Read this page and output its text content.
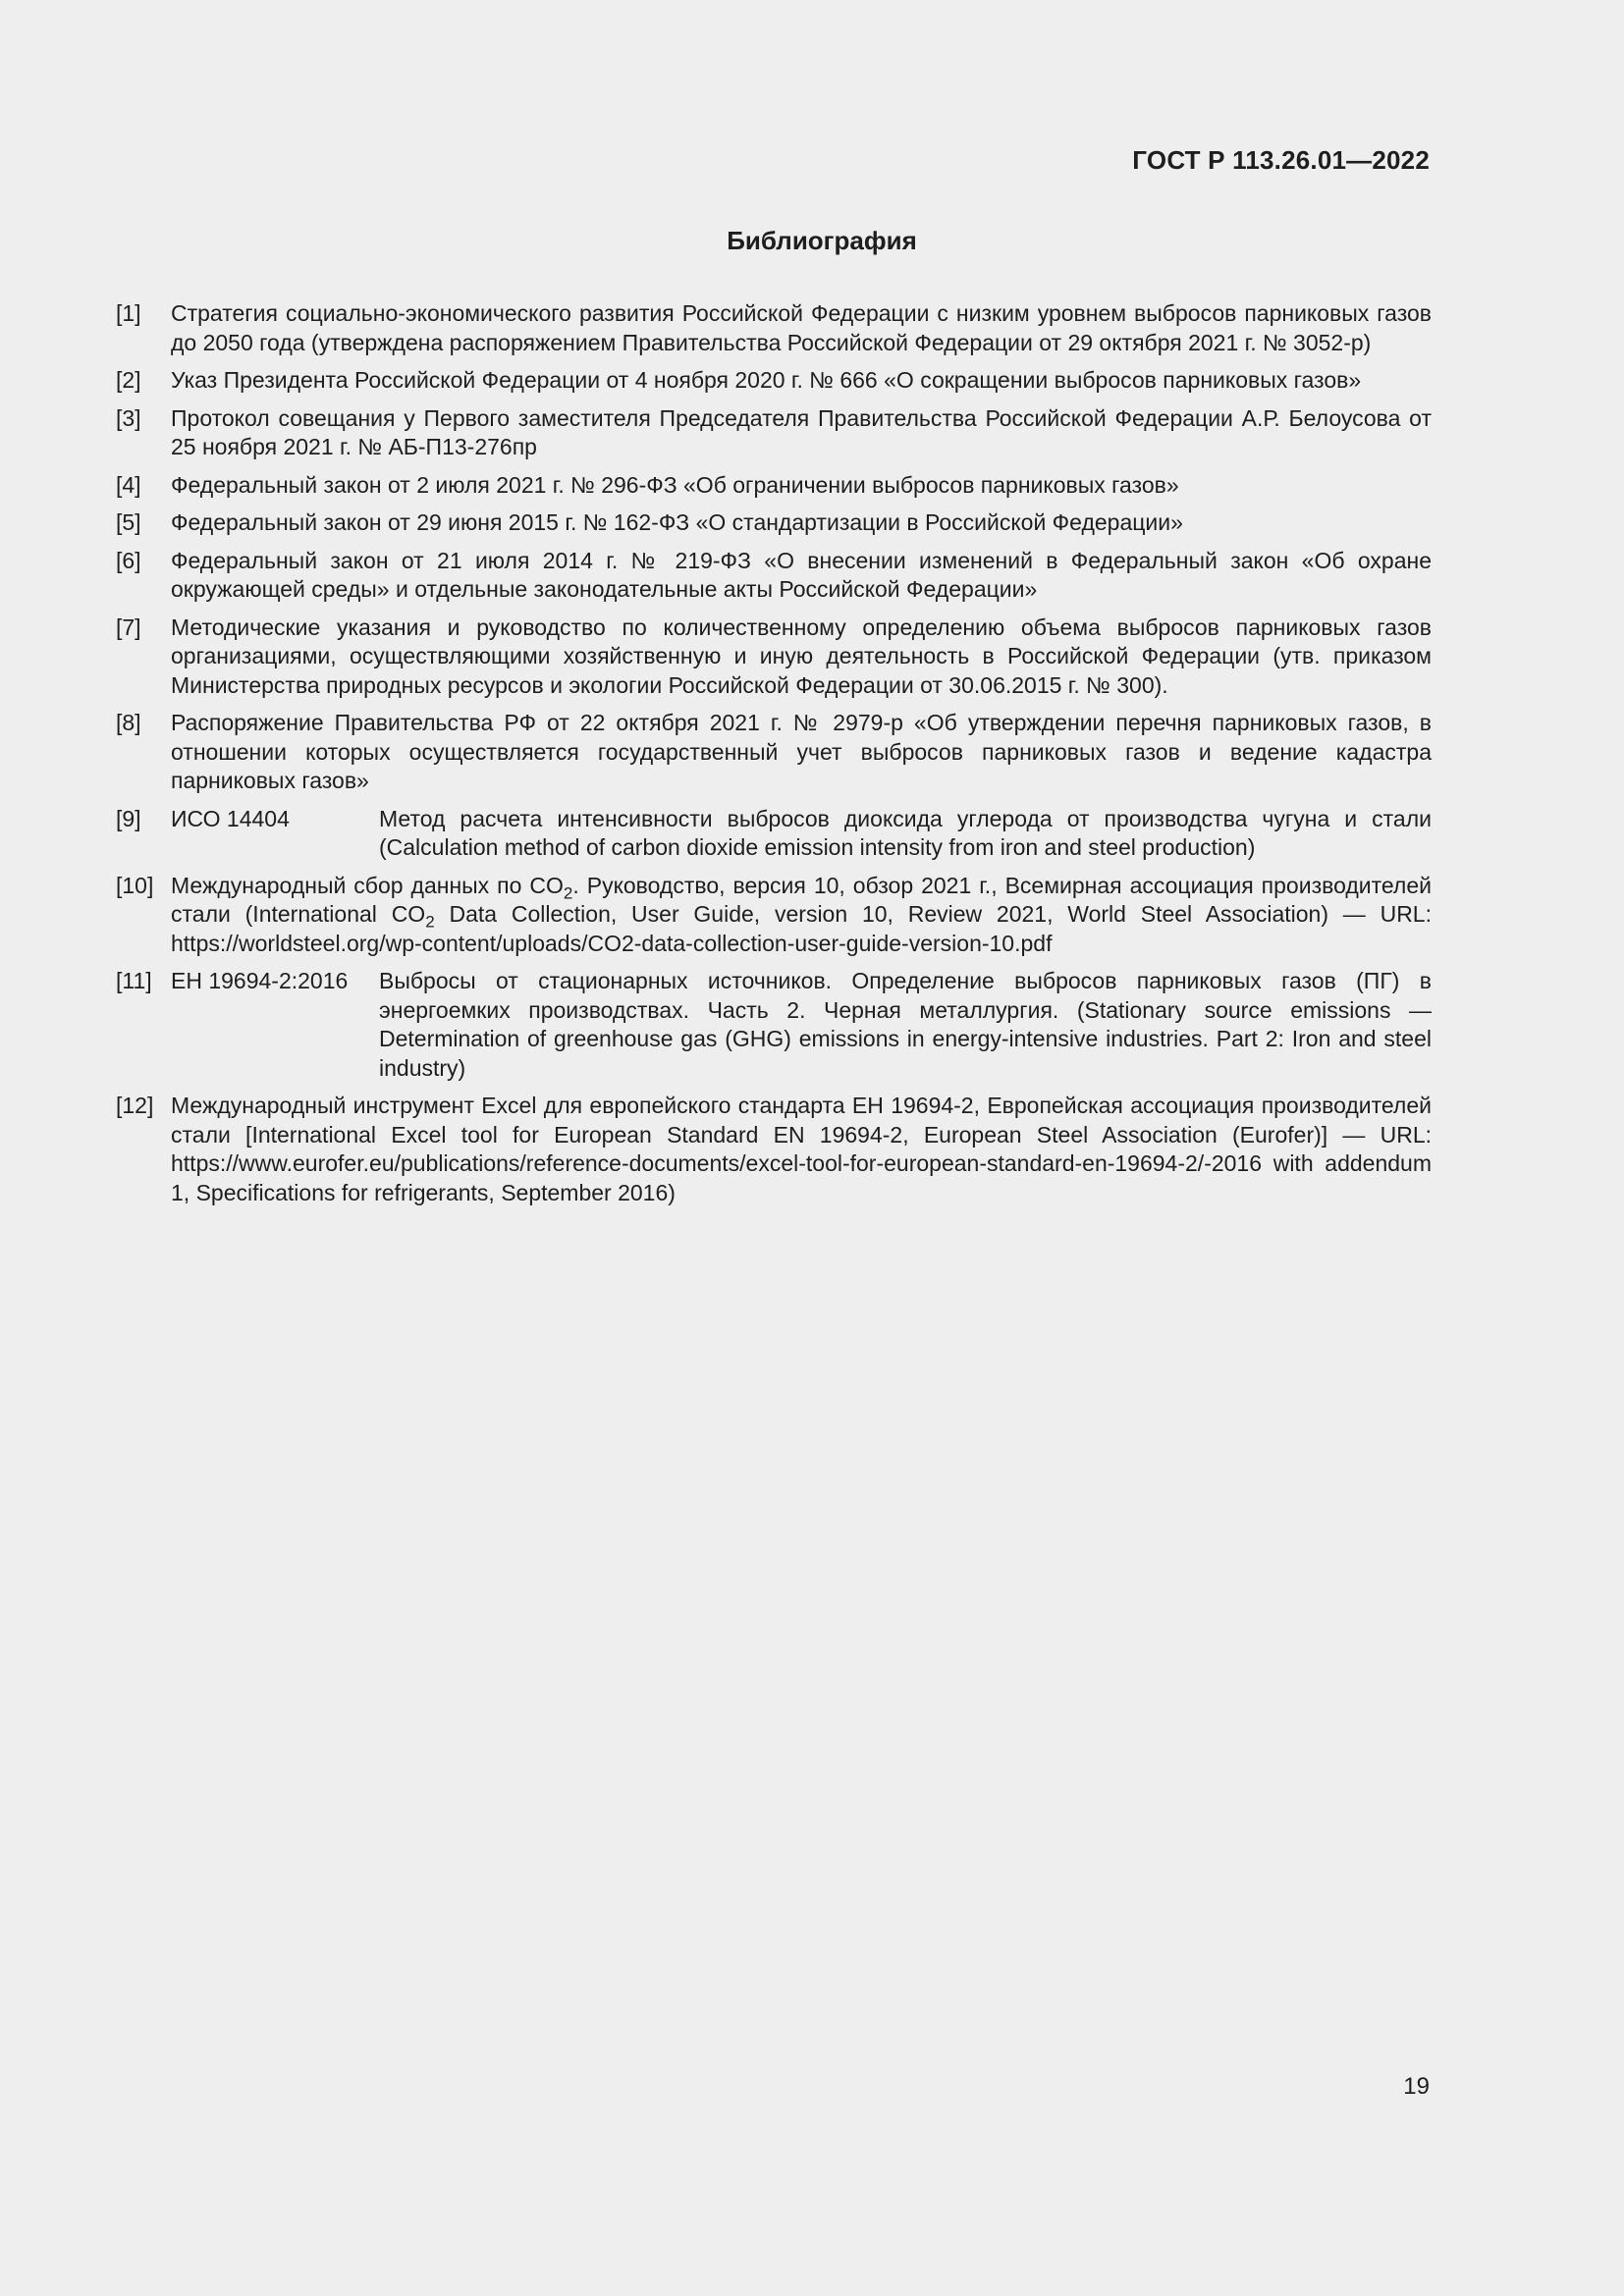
ГОСТ Р 113.26.01—2022
Библиография
[1]	Стратегия социально-экономического развития Российской Федерации с низким уровнем выбросов парниковых газов до 2050 года (утверждена распоряжением Правительства Российской Федерации от 29 октября 2021 г. № 3052-р)
[2]	Указ Президента Российской Федерации от 4 ноября 2020 г. № 666 «О сокращении выбросов парниковых газов»
[3]	Протокол совещания у Первого заместителя Председателя Правительства Российской Федерации А.Р. Белоусова от 25 ноября 2021 г. № АБ-П13-276пр
[4]	Федеральный закон от 2 июля 2021 г. № 296-ФЗ «Об ограничении выбросов парниковых газов»
[5]	Федеральный закон от 29 июня 2015 г. № 162-ФЗ «О стандартизации в Российской Федерации»
[6]	Федеральный закон от 21 июля 2014 г. № 219-ФЗ «О внесении изменений в Федеральный закон «Об охране окружающей среды» и отдельные законодательные акты Российской Федерации»
[7]	Методические указания и руководство по количественному определению объема выбросов парниковых газов организациями, осуществляющими хозяйственную и иную деятельность в Российской Федерации (утв. приказом Министерства природных ресурсов и экологии Российской Федерации от 30.06.2015 г. № 300).
[8]	Распоряжение Правительства РФ от 22 октября 2021 г. № 2979-р «Об утверждении перечня парниковых газов, в отношении которых осуществляется государственный учет выбросов парниковых газов и ведение кадастра парниковых газов»
[9]	ИСО 14404	Метод расчета интенсивности выбросов диоксида углерода от производства чугуна и стали (Calculation method of carbon dioxide emission intensity from iron and steel production)
[10] Международный сбор данных по $CO_2$. Руководство, версия 10, обзор 2021 г., Всемирная ассоциация производителей стали (International $CO_2$ Data Collection, User Guide, version 10, Review 2021, World Steel Association) — URL: https://worldsteel.org/wp-content/uploads/CO2-data-collection-user-guide-version-10.pdf
[11] ЕН 19694-2:2016	Выбросы от стационарных источников. Определение выбросов парниковых газов (ПГ) в энергоемких производствах. Часть 2. Черная металлургия. (Stationary source emissions — Determination of greenhouse gas (GHG) emissions in energy-intensive industries. Part 2: Iron and steel industry)
[12] Международный инструмент Excel для европейского стандарта ЕН 19694-2, Европейская ассоциация производителей стали [International Excel tool for European Standard EN 19694-2, European Steel Association (Eurofer)] — URL: https://www.eurofer.eu/publications/reference-documents/excel-tool-for-european-standard-en-19694-2/-2016 with addendum 1, Specifications for refrigerants, September 2016)
19
